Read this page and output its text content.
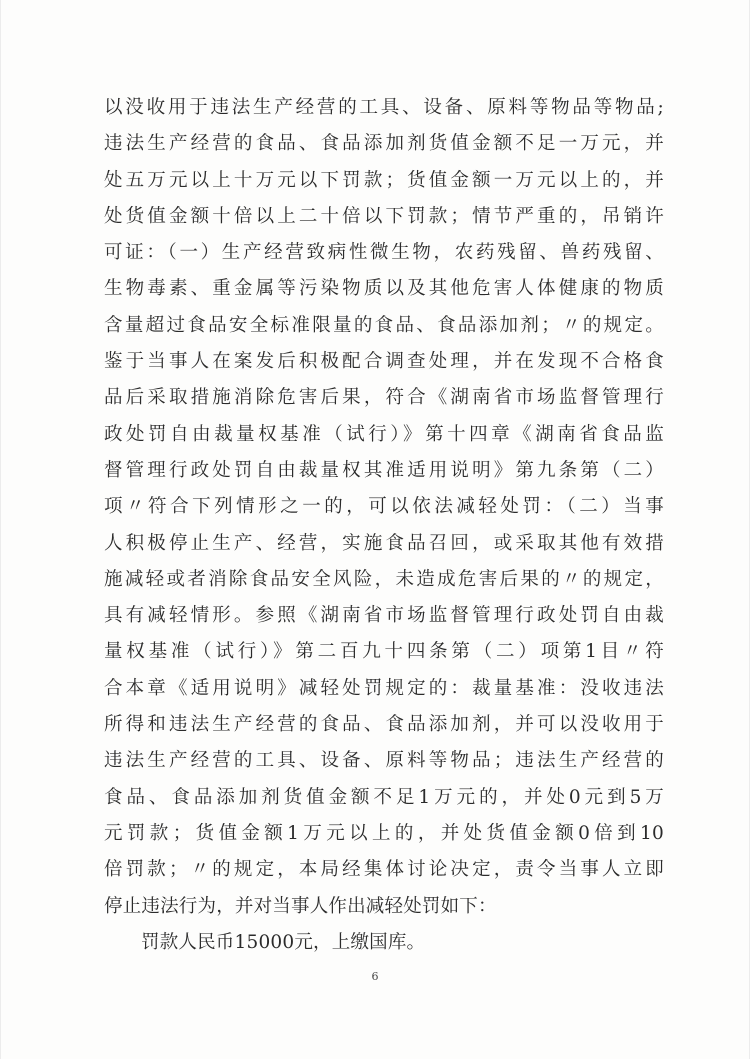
以没收用于违法生产经营的工具、设备、原料等物品等物品;
违法生产经营的食品、食品添加剂货值金额不足一万元，并
处五万元以上十万元以下罚款；货值金额一万元以上的，并
处货值金额十倍以上二十倍以下罚款；情节严重的，吊销许
可证：（一）生产经营致病性微生物，农药残留、兽药残留、
生物毒素、重金属等污染物质以及其他危害人体健康的物质
含量超过食品安全标准限量的食品、食品添加剂；〃的规定。
鉴于当事人在案发后积极配合调查处理，并在发现不合格食
品后采取措施消除危害后果，符合《湖南省市场监督管理行
政处罚自由裁量权基准（试行）》第十四章《湖南省食品监
督管理行政处罚自由裁量权其准适用说明》第九条第（二）
项〃符合下列情形之一的，可以依法减轻处罚：（二）当事
人积极停止生产、经营，实施食品召回，或采取其他有效措
施减轻或者消除食品安全风险，未造成危害后果的〃的规定，
具有减轻情形。参照《湖南省市场监督管理行政处罚自由裁
量权基准（试行）》第二百九十四条第（二）项第1目〃符
合本章《适用说明》减轻处罚规定的：裁量基准：没收违法
所得和违法生产经营的食品、食品添加剂，并可以没收用于
违法生产经营的工具、设备、原料等物品；违法生产经营的
食品、食品添加剂货值金额不足1万元的，并处0元到5万
元罚款；货值金额1万元以上的，并处货值金额0倍到10
倍罚款；〃的规定，本局经集体讨论决定，责令当事人立即
停止违法行为，并对当事人作出减轻处罚如下：
罚款人民币15000元，上缴国库。
6
